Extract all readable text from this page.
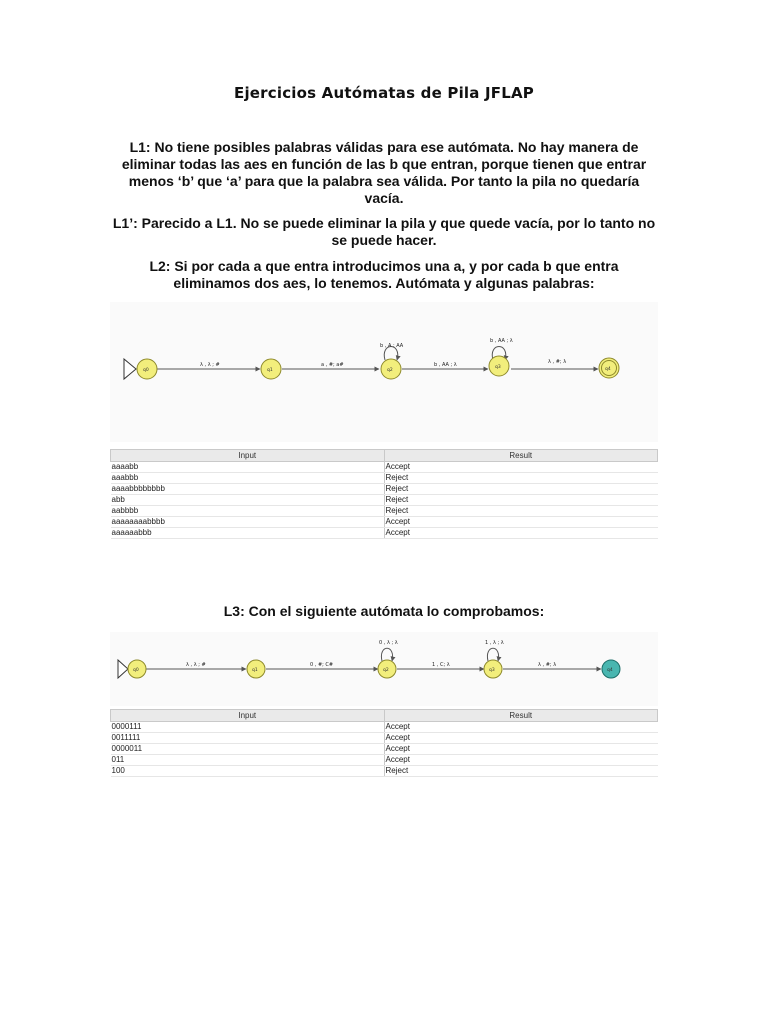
Ejercicios Autómatas de Pila JFLAP
L1: No tiene posibles palabras válidas para ese autómata. No hay manera de eliminar todas las aes en función de las b que entran, porque tienen que entrar menos ‘b’ que ‘a’ para que la palabra sea válida. Por tanto la pila no quedaría vacía.
L1’: Parecido a L1. No se puede eliminar la pila y que quede vacía, por lo tanto no se puede hacer.
L2: Si por cada a que entra introducimos una a, y por cada b que entra eliminamos dos aes, lo tenemos. Autómata y algunas palabras:
λ , λ ; #	a , #; a#	b , AA ; λ	λ , #; λ
b , A ; AA
b , AA ; λ
q0	q1	q2
q3	q4
Input	Result
aaaabb	Accept
aaabbb	Reject
aaaabbbbbbbb	Reject
abb	Reject
aabbbb	Reject
aaaaaaaabbbb	Accept
aaaaaabbb	Accept
L3: Con el siguiente autómata lo comprobamos:
λ , λ ; #	0 , #; C#	1 , C; λ	λ , #; λ
0 , λ ; λ	1 , λ ; λ
q0	q1	q2	q3	q4
Input	Result
0000111	Accept
0011111	Accept
0000011	Accept
011	Accept
100	Reject
